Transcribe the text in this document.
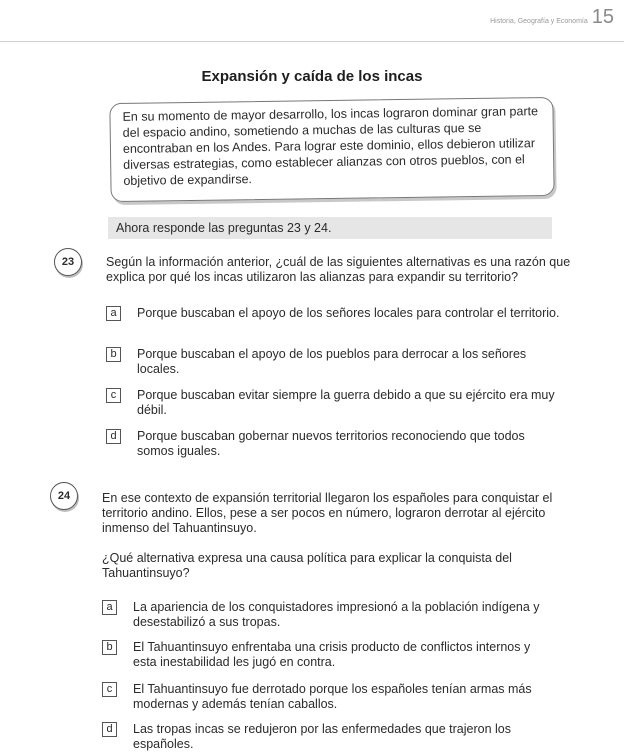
Historia, Geografía y Economía 15
Expansión y caída de los incas
En su momento de mayor desarrollo, los incas lograron dominar gran parte del espacio andino, sometiendo a muchas de las culturas que se encontraban en los Andes. Para lograr este dominio, ellos debieron utilizar diversas estrategias, como establecer alianzas con otros pueblos, con el objetivo de expandirse.
Ahora responde las preguntas 23 y 24.
23	Según la información anterior, ¿cuál de las siguientes alternativas es una razón que explica por qué los incas utilizaron las alianzas para expandir su territorio?
a	Porque buscaban el apoyo de los señores locales para controlar el territorio.
b	Porque buscaban el apoyo de los pueblos para derrocar a los señores locales.
c	Porque buscaban evitar siempre la guerra debido a que su ejército era muy débil.
d	Porque buscaban gobernar nuevos territorios reconociendo que todos somos iguales.
24	En ese contexto de expansión territorial llegaron los españoles para conquistar el territorio andino. Ellos, pese a ser pocos en número, lograron derrotar al ejército inmenso del Tahuantinsuyo.
¿Qué alternativa expresa una causa política para explicar la conquista del Tahuantinsuyo?
a	La apariencia de los conquistadores impresionó a la población indígena y desestabilizó a sus tropas.
b	El Tahuantinsuyo enfrentaba una crisis producto de conflictos internos y esta inestabilidad les jugó en contra.
c	El Tahuantinsuyo fue derrotado porque los españoles tenían armas más modernas y además tenían caballos.
d	Las tropas incas se redujeron por las enfermedades que trajeron los españoles.
